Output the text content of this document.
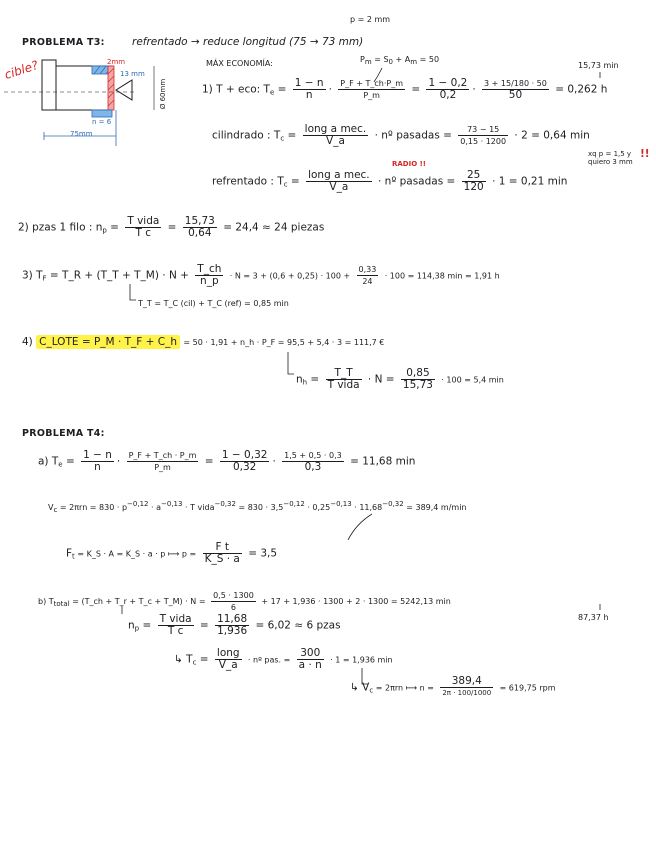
p = 2 mm
PROBLEMA T3:	refrentado → reduce longitud (75 → 73 mm)
cible?	2mm
13 mm
Ø 60mm
n = 6
75mm
MÁX ECONOMÍA:	$P_m = S_0 + A_m = 50$
15,73 min
1) T + eco: $T_e = \frac{1 - n}{n} \cdot \frac{P\_F + T\_ch\cdot P\_m}{P\_m} = \frac{1 - 0,2}{0,2} \cdot 3 + 15/180 \cdot 50$
50	= 0,262 h
cilindrado : $T_c$ =
long a mec.
V_a	· nº pasadas = $\frac{73 - 15}{0,15 \cdot 1200} \cdot 2 = 0,64$ min
xq p = 1,5 y
quiero 3 mm
!!
RADIO !!
refrentado : $T_c$ =
long a mec.
V_a	· nº pasadas = $\frac{25}{120} \cdot 1 = 0,21$ min
2) pzas 1 filo : $n_p$ =
T vida
T c	= $\frac{15,73}{0,64} = 24,4 \approx 24$ piezas
3) $T_F$ = T_R + (T_T + T_M) · $N + \frac{T\_ch}{n\_p} \cdot N = 3 + (0,6 + 0,25) \cdot 100 + \frac{0,33}{24} \cdot 100 = 114,38$ min = 1,91 h
T_T = T_C (cil) + T_C (ref) = 0,85 min
4) C_LOTE = P_M · T_F + C_h = 50 · 1,91 + n_h · P_F = 95,5 + 5,4 · 3 = 111,7 €
$n_h$ =
T_T
T vida · $N = \frac{0,85}{15,73} \cdot 100 = 5,4$ min
PROBLEMA T4:
a) $T_e = \frac{1 - n}{n} \cdot \frac{P\_F + T\_ch \cdot P\_m}{P\_m} = \frac{1 - 0,32}{0,32} \cdot 1,5 + 0,5 \cdot 0,3$
0,3	= 11,68 min
$V_c = 2\pi rn = 830 \cdot p^{-0,12} \cdot a^{-0,13} \cdot T$ vida$^{-0,32}$ = $830 \cdot 3,5^{-0,12} \cdot 0,25^{-0,13} \cdot 11,68^{-0,32} = 389,4$ m/min
$F_t$ = K_S · A = K_S · a · p ⟼ $p = \frac{\text{F t}}{K\_S \cdot a} = 3,5$
b) $T_{total}$ = (T_ch + T_r + T_c + T_M) · $N = \frac{0,5 \cdot 1300}{6} + 17 + 1,936 \cdot 1300 + 2 \cdot 1300 = 5242,13$ min
87,37 h
$n_p$ =
T vida
T c	= $\frac{11,68}{1,936} = 6,02 \approx 6$ pzas
↳ $T_c$ =
long
V_a	· nº pas. = $\frac{300}{a \cdot n} \cdot 1 = 1,936$ min
↳ $V_c = 2\pi rn$ ⟼ n =
389,4
2π · 100/1000
= 619,75 rpm
